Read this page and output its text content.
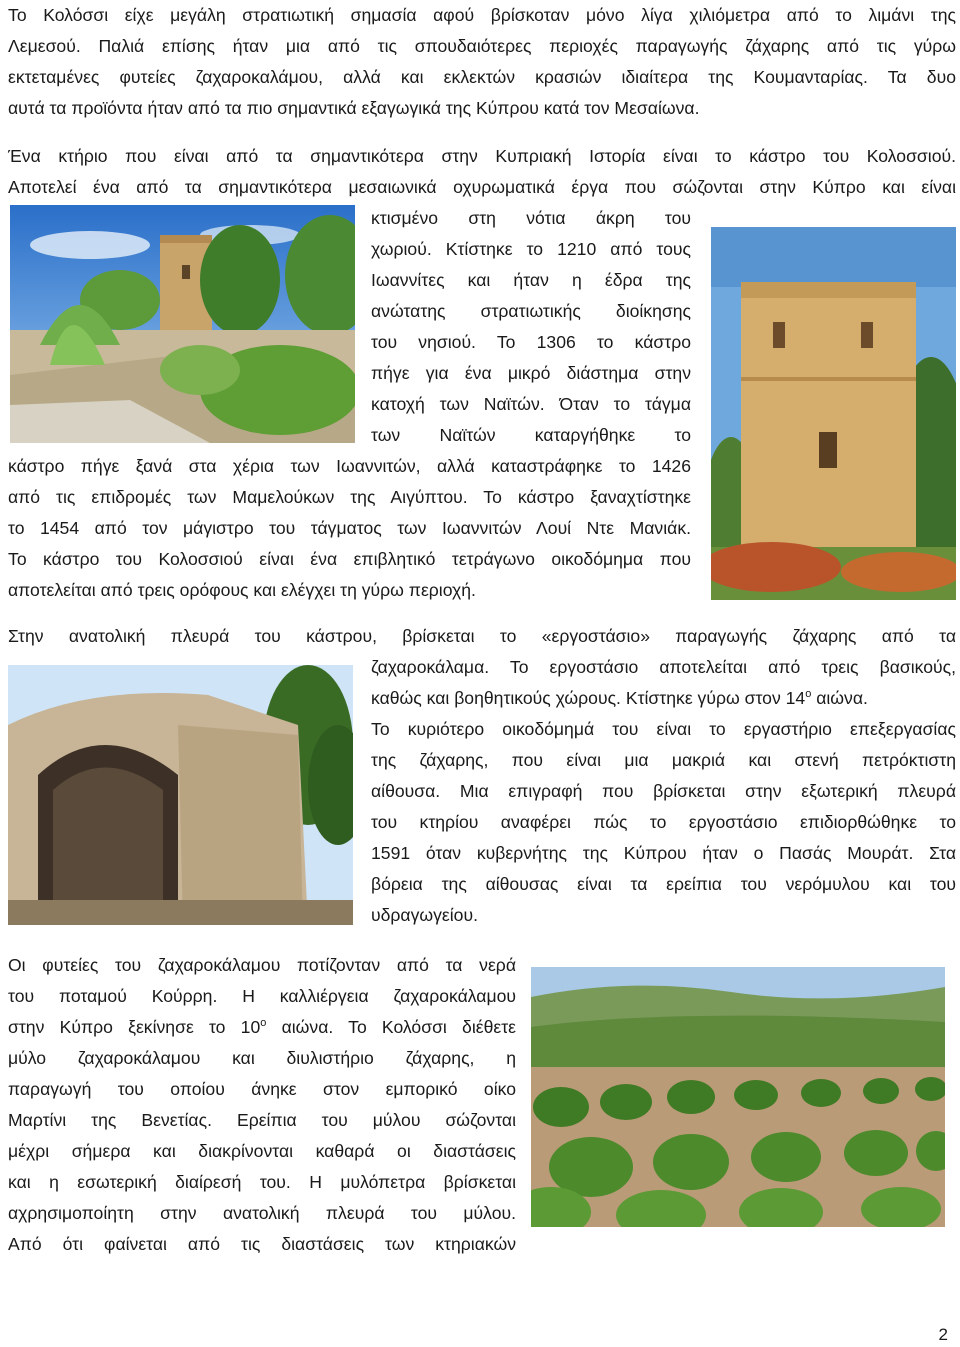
Το Κολόσσι είχε μεγάλη στρατιωτική σημασία αφού βρίσκοταν μόνο λίγα χιλιόμετρα από το λιμάνι της
Λεμεσού. Παλιά επίσης ήταν μια από τις σπουδαιότερες περιοχές παραγωγής ζάχαρης από τις γύρω
εκτεταμένες φυτείες ζαχαροκαλάμου, αλλά και εκλεκτών κρασιών ιδιαίτερα της Κουμανταρίας. Τα δυο
αυτά τα προϊόντα ήταν από τα πιο σημαντικά εξαγωγικά της Κύπρου κατά τον Μεσαίωνα.
Ένα κτήριο που είναι από τα σημαντικότερα στην Κυπριακή Ιστορία είναι το κάστρο του Κολοσσιού.
Αποτελεί ένα από τα σημαντικότερα μεσαιωνικά οχυρωματικά έργα που σώζονται στην Κύπρο και είναι
κτισμένο στη νότια άκρη του
χωριού. Κτίστηκε το 1210 από τους
Ιωαννίτες και ήταν η έδρα της
ανώτατης στρατιωτικής διοίκησης
του νησιού. Το 1306 το κάστρο
πήγε για ένα μικρό διάστημα στην
κατοχή των Ναϊτών. Όταν το τάγμα
των Ναϊτών καταργήθηκε το
κάστρο πήγε ξανά στα χέρια των Ιωαννιτών, αλλά καταστράφηκε το 1426
από τις επιδρομές των Μαμελούκων της Αιγύπτου. Το κάστρο ξαναχτίστηκε
το 1454 από τον μάγιστρο του τάγματος των Ιωαννιτών Λουί Ντε Μανιάκ.
Το κάστρο του Κολοσσιού είναι ένα επιβλητικό τετράγωνο οικοδόμημα που
αποτελείται από τρεις ορόφους και ελέγχει τη γύρω περιοχή.
Στην ανατολική πλευρά του κάστρου, βρίσκεται το «εργοστάσιο» παραγωγής ζάχαρης από τα
ζαχαροκάλαμα. Το εργοστάσιο αποτελείται από τρεις βασικούς,
καθώς και βοηθητικούς χώρους. Κτίστηκε γύρω στον $14^o$ αιώνα.
Το κυριότερο οικοδόμημά του είναι το εργαστήριο επεξεργασίας
της ζάχαρης, που είναι μια μακριά και στενή πετρόκτιστη
αίθουσα. Μια επιγραφή που βρίσκεται στην εξωτερική πλευρά
του κτηρίου αναφέρει πώς το εργοστάσιο επιδιορθώθηκε το
1591 όταν κυβερνήτης της Κύπρου ήταν ο Πασάς Μουράτ. Στα
βόρεια της αίθουσας είναι τα ερείπια του νερόμυλου και του
υδραγωγείου.
Οι φυτείες του ζαχαροκάλαμου ποτίζονταν από τα νερά
του ποταμού Κούρρη. Η καλλιέργεια ζαχαροκάλαμου
στην Κύπρο ξεκίνησε το $10^o$ αιώνα. Το Κολόσσι διέθετε
μύλο ζαχαροκάλαμου και διυλιστήριο ζάχαρης, η
παραγωγή του οποίου άνηκε στον εμπορικό οίκο
Μαρτίνι της Βενετίας. Ερείπια του μύλου σώζονται
μέχρι σήμερα και διακρίνονται καθαρά οι διαστάσεις
και η εσωτερική διαίρεσή του. Η μυλόπετρα βρίσκεται
αχρησιμοποίητη στην ανατολική πλευρά του μύλου.
Από ότι φαίνεται από τις διαστάσεις των κτηριακών
2
